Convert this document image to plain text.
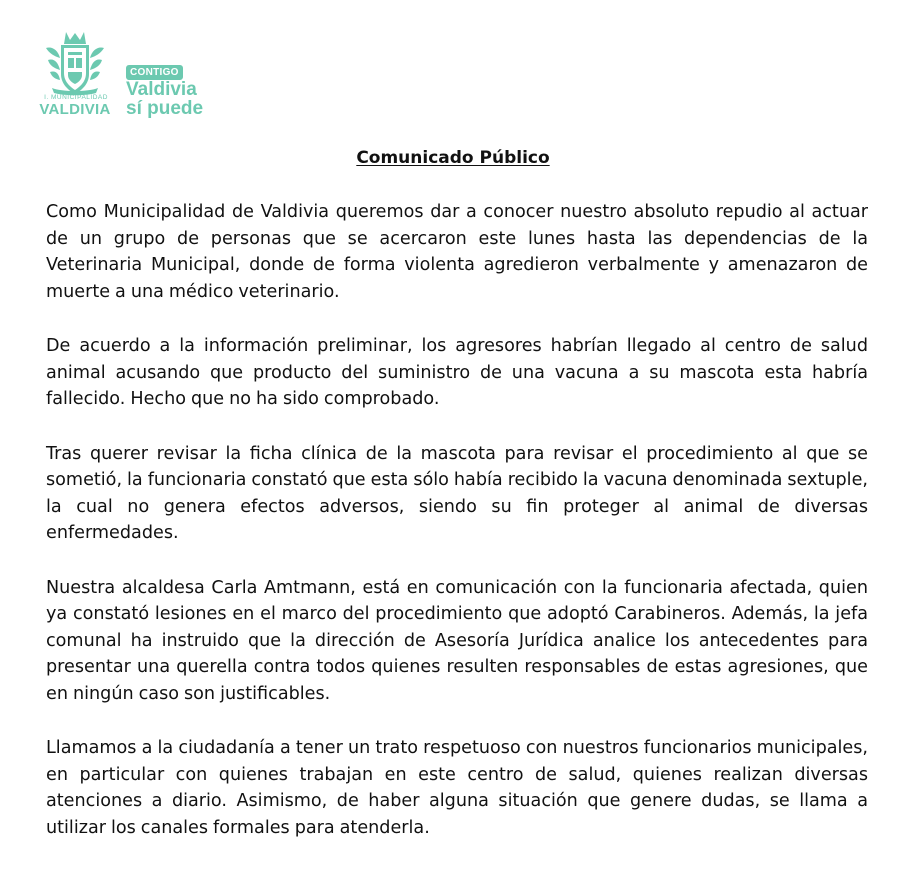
I. MUNICIPALIDAD
VALDIVIA
CONTIGO
Valdivia
sí puede
Comunicado Público

Como Municipalidad de Valdivia queremos dar a conocer nuestro absoluto repudio al actuar de un grupo de personas que se acercaron este lunes hasta las dependencias de la Veterinaria Municipal, donde de forma violenta agredieron verbalmente y amenazaron de muerte a una médico veterinario.

De acuerdo a la información preliminar, los agresores habrían llegado al centro de salud animal acusando que producto del suministro de una vacuna a su mascota esta habría fallecido. Hecho que no ha sido comprobado.

Tras querer revisar la ficha clínica de la mascota para revisar el procedimiento al que se sometió, la funcionaria constató que esta sólo había recibido la vacuna denominada sextuple, la cual no genera efectos adversos, siendo su fin proteger al animal de diversas enfermedades.

Nuestra alcaldesa Carla Amtmann, está en comunicación con la funcionaria afectada, quien ya constató lesiones en el marco del procedimiento que adoptó Carabineros. Además, la jefa comunal ha instruido que la dirección de Asesoría Jurídica analice los antecedentes para presentar una querella contra todos quienes resulten responsables de estas agresiones, que en ningún caso son justificables.

Llamamos a la ciudadanía a tener un trato respetuoso con nuestros funcionarios municipales, en particular con quienes trabajan en este centro de salud, quienes realizan diversas atenciones a diario. Asimismo, de haber alguna situación que genere dudas, se llama a utilizar los canales formales para atenderla.
